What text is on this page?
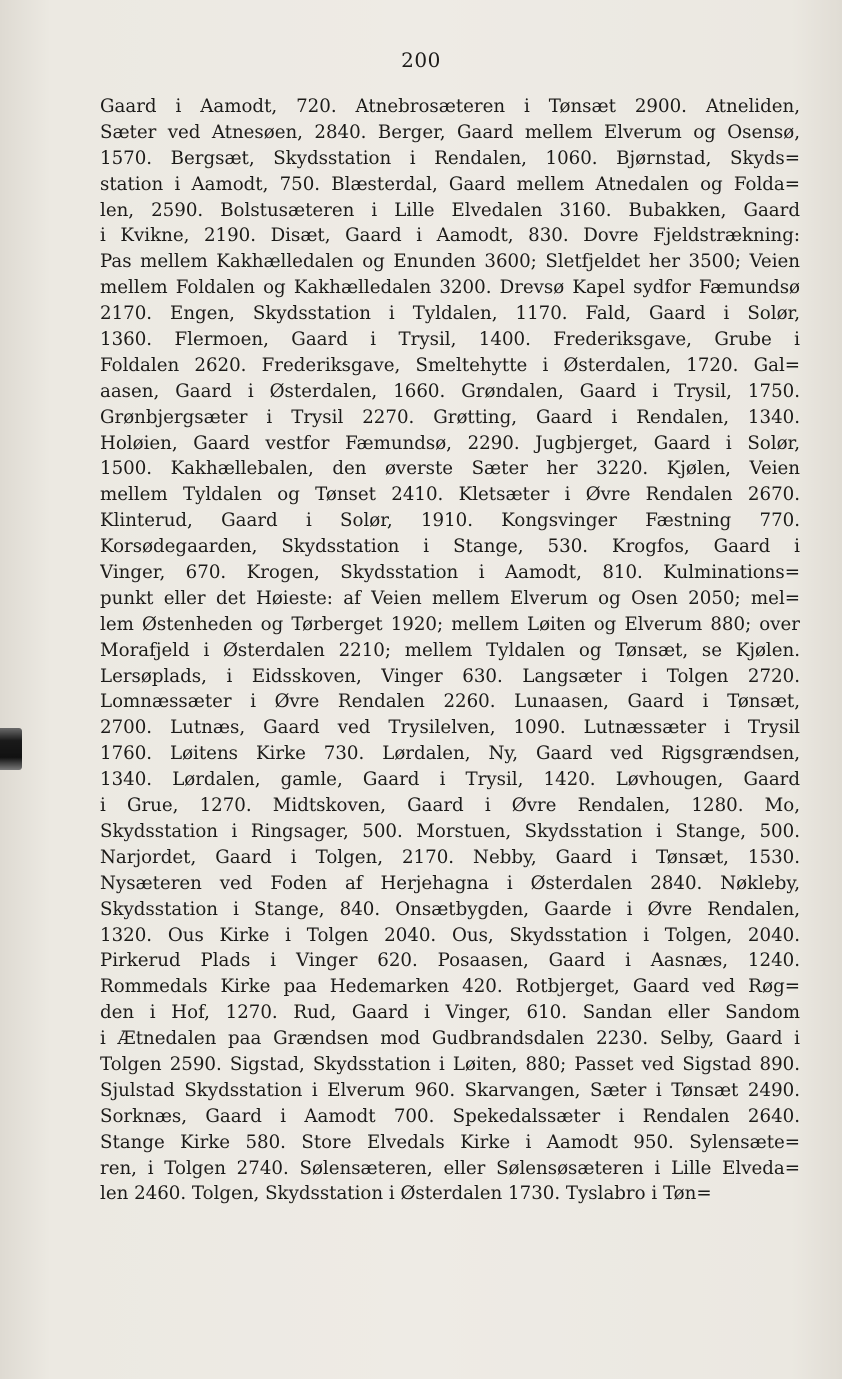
200
Gaard i Aamodt, 720. Atnebrosæteren i Tønsæt 2900. Atneliden,
Sæter ved Atnesøen, 2840. Berger, Gaard mellem Elverum og Osensø,
1570. Bergsæt, Skydsstation i Rendalen, 1060. Bjørnstad, Skyds=
station i Aamodt, 750. Blæsterdal, Gaard mellem Atnedalen og Folda=
len, 2590. Bolstusæteren i Lille Elvedalen 3160. Bubakken, Gaard
i Kvikne, 2190. Disæt, Gaard i Aamodt, 830. Dovre Fjeldstrækning:
Pas mellem Kakhælledalen og Enunden 3600; Sletfjeldet her 3500; Veien
mellem Foldalen og Kakhælledalen 3200. Drevsø Kapel sydfor Fæmundsø
2170. Engen, Skydsstation i Tyldalen, 1170. Fald, Gaard i Solør,
1360. Flermoen, Gaard i Trysil, 1400. Frederiksgave, Grube i
Foldalen 2620. Frederiksgave, Smeltehytte i Østerdalen, 1720. Gal=
aasen, Gaard i Østerdalen, 1660. Grøndalen, Gaard i Trysil, 1750.
Grønbjergsæter i Trysil 2270. Grøtting, Gaard i Rendalen, 1340.
Holøien, Gaard vestfor Fæmundsø, 2290. Jugbjerget, Gaard i Solør,
1500. Kakhællebalen, den øverste Sæter her 3220. Kjølen, Veien
mellem Tyldalen og Tønset 2410. Kletsæter i Øvre Rendalen 2670.
Klinterud, Gaard i Solør, 1910. Kongsvinger Fæstning 770.
Korsødegaarden, Skydsstation i Stange, 530. Krogfos, Gaard i
Vinger, 670. Krogen, Skydsstation i Aamodt, 810. Kulminations=
punkt eller det Høieste: af Veien mellem Elverum og Osen 2050; mel=
lem Østenheden og Tørberget 1920; mellem Løiten og Elverum 880; over
Morafjeld i Østerdalen 2210; mellem Tyldalen og Tønsæt, se Kjølen.
Lersøplads, i Eidsskoven, Vinger 630. Langsæter i Tolgen 2720.
Lomnæssæter i Øvre Rendalen 2260. Lunaasen, Gaard i Tønsæt,
2700. Lutnæs, Gaard ved Trysilelven, 1090. Lutnæssæter i Trysil
1760. Løitens Kirke 730. Lørdalen, Ny, Gaard ved Rigsgrændsen,
1340. Lørdalen, gamle, Gaard i Trysil, 1420. Løvhougen, Gaard
i Grue, 1270. Midtskoven, Gaard i Øvre Rendalen, 1280. Mo,
Skydsstation i Ringsager, 500. Morstuen, Skydsstation i Stange, 500.
Narjordet, Gaard i Tolgen, 2170. Nebby, Gaard i Tønsæt, 1530.
Nysæteren ved Foden af Herjehagna i Østerdalen 2840. Nøkleby,
Skydsstation i Stange, 840. Onsætbygden, Gaarde i Øvre Rendalen,
1320. Ous Kirke i Tolgen 2040. Ous, Skydsstation i Tolgen, 2040.
Pirkerud Plads i Vinger 620. Posaasen, Gaard i Aasnæs, 1240.
Rommedals Kirke paa Hedemarken 420. Rotbjerget, Gaard ved Røg=
den i Hof, 1270. Rud, Gaard i Vinger, 610. Sandan eller Sandom
i Ætnedalen paa Grændsen mod Gudbrandsdalen 2230. Selby, Gaard i
Tolgen 2590. Sigstad, Skydsstation i Løiten, 880; Passet ved Sigstad 890.
Sjulstad Skydsstation i Elverum 960. Skarvangen, Sæter i Tønsæt 2490.
Sorknæs, Gaard i Aamodt 700. Spekedalssæter i Rendalen 2640.
Stange Kirke 580. Store Elvedals Kirke i Aamodt 950. Sylensæte=
ren, i Tolgen 2740. Sølensæteren, eller Sølensøsæteren i Lille Elveda=
len 2460. Tolgen, Skydsstation i Østerdalen 1730. Tyslabro i Tøn=
